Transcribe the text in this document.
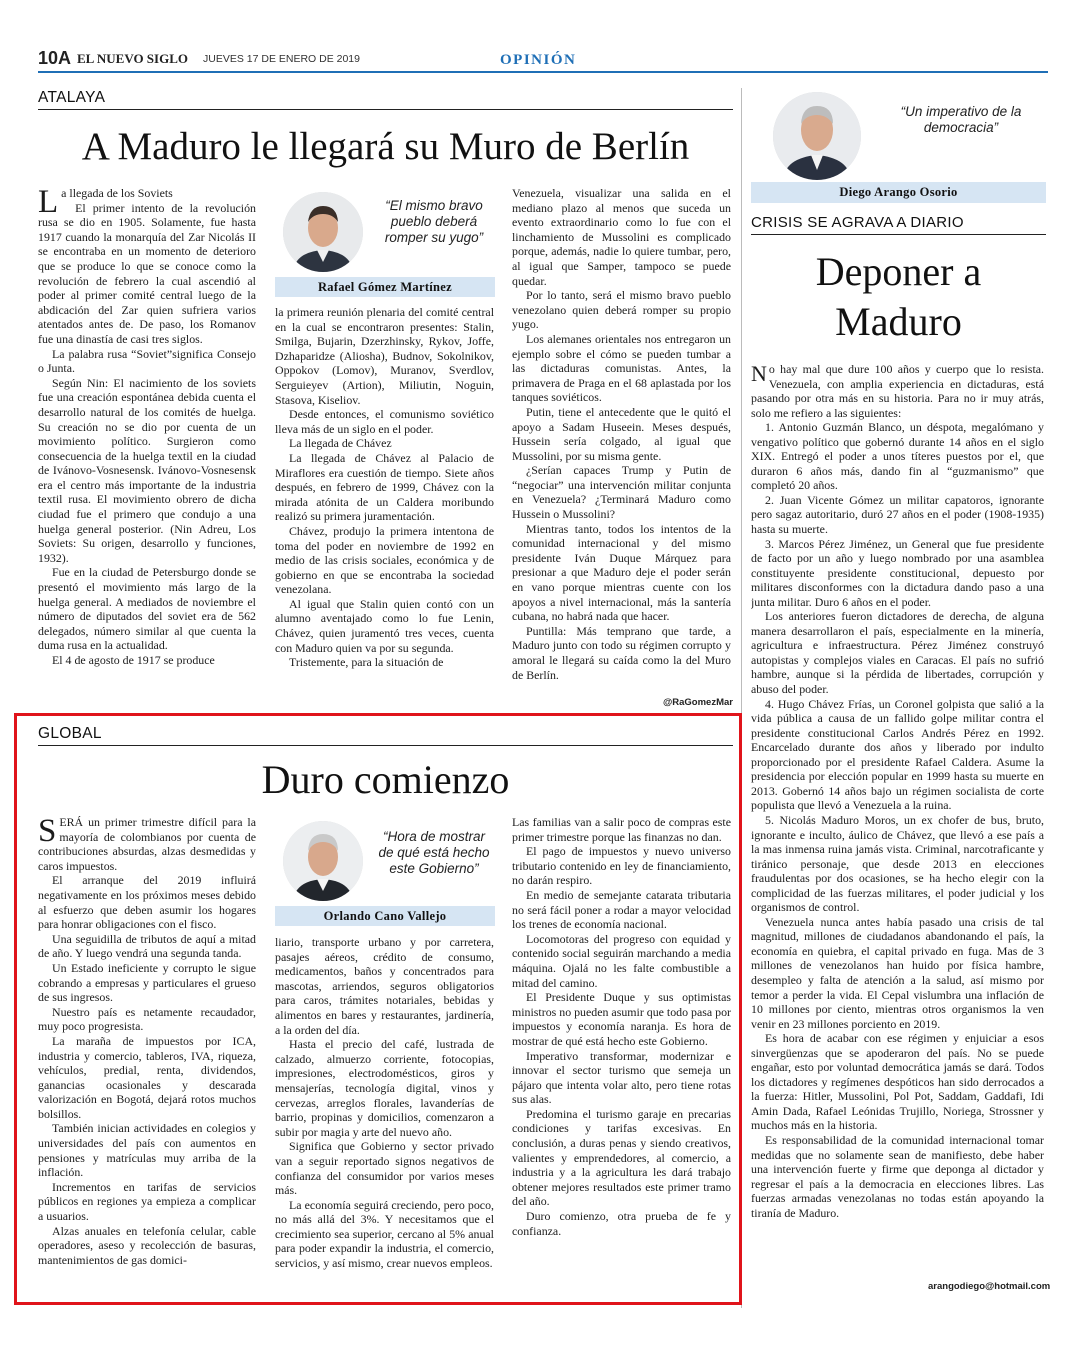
10A EL NUEVO SIGLO JUEVES 17 DE ENERO DE 2019	OPINIÓN
ATALAYA
A Maduro le llegará su Muro de Berlín
L a llegada de los Soviets

El primer intento de la revolución rusa se dio en 1905. Solamente, fue hasta 1917 cuando la monarquía del Zar Nicolás II se encontraba en un momento de deterioro que se produce lo que se conoce como la revolución de febrero la cual ascendió al poder al primer comité central luego de la abdicación del Zar quien sufriera varios atentados antes de. De paso, los Romanov fue una dinastía de casi tres siglos.

La palabra rusa “Soviet”significa Consejo o Junta.

Según Nin: El nacimiento de los soviets fue una creación espontánea debida cuenta el desarrollo natural de los comités de huelga. Su creación no se dio por cuenta de un movimiento político. Surgieron como consecuencia de la huelga textil en la ciudad de Ivánovo-Vosnesensk. Ivánovo-Vosnesensk era el centro más importante de la industria textil rusa. El movimiento obrero de dicha ciudad fue el primero que condujo a una huelga general posterior. (Nin Adreu, Los Soviets: Su origen, desarrollo y funciones, 1932).

Fue en la ciudad de Petersburgo donde se presentó el movimiento más largo de la huelga general. A mediados de noviembre el número de diputados del soviet era de 562 delegados, número similar al que cuenta la duma rusa en la actualidad.

El 4 de agosto de 1917 se produce

“El mismo bravo pueblo deberá romper su yugo”
Rafael Gómez Martínez

la primera reunión plenaria del comité central en la cual se encontraron presentes: Stalin, Smilga, Bujarin, Dzerzhinsky, Rykov, Joffe, Dzhaparidze (Aliosha), Budnov, Sokolnikov, Oppokov (Lomov), Muranov, Sverdlov, Serguieyev (Artion), Miliutin, Noguin, Stasova, Kiseliov.

Desde entonces, el comunismo soviético lleva más de un siglo en el poder.

La llegada de Chávez

La llegada de Chávez al Palacio de Miraflores era cuestión de tiempo. Siete años después, en febrero de 1999, Chávez con la mirada atónita de un Caldera moribundo realizó su primera juramentación.

Chávez, produjo la primera intentona de toma del poder en noviembre de 1992 en medio de las crisis sociales, económica y de gobierno en que se encontraba la sociedad venezolana.

Al igual que Stalin quien contó con un alumno aventajado como lo fue Lenin, Chávez, quien juramentó tres veces, cuenta con Maduro quien va por su segunda.

Tristemente, para la situación de

Venezuela, visualizar una salida en el mediano plazo al menos que suceda un evento extraordinario como lo fue con el linchamiento de Mussolini es complicado porque, además, nadie lo quiere tumbar, pero, al igual que Samper, tampoco se puede quedar.

Por lo tanto, será el mismo bravo pueblo venezolano quien deberá romper su propio yugo.

Los alemanes orientales nos entregaron un ejemplo sobre el cómo se pueden tumbar a las dictaduras comunistas. Antes, la primavera de Praga en el 68 aplastada por los tanques soviéticos.

Putin, tiene el antecedente que le quitó el apoyo a Sadam Huseein. Meses después, Hussein sería colgado, al igual que Mussolini, por su misma gente.

¿Serían capaces Trump y Putin de “negociar” una intervención militar conjunta en Venezuela? ¿Terminará Maduro como Hussein o Mussolini?

Mientras tanto, todos los intentos de la comunidad internacional y del mismo presidente Iván Duque Márquez para presionar a que Maduro deje el poder serán en vano porque mientras cuente con los apoyos a nivel internacional, más la santería cubana, no habrá nada que hacer.

Puntilla: Más temprano que tarde, a Maduro junto con todo su régimen corrupto y amoral le llegará su caída como la del Muro de Berlín.

@RaGomezMar
GLOBAL
Duro comienzo
S ERÁ un primer trimestre difícil para la mayoría de colombianos por cuenta de contribuciones absurdas, alzas desmedidas y caros impuestos.

El arranque del 2019 influirá negativamente en los próximos meses debido al esfuerzo que deben asumir los hogares para honrar obligaciones con el fisco.

Una seguidilla de tributos de aquí a mitad de año. Y luego vendrá una segunda tanda.

Un Estado ineficiente y corrupto le sigue cobrando a empresas y particulares el grueso de sus ingresos.

Nuestro país es netamente recaudador, muy poco progresista.

La maraña de impuestos por ICA, industria y comercio, tableros, IVA, riqueza, vehículos, predial, renta, dividendos, ganancias ocasionales y descarada valorización en Bogotá, dejará rotos muchos bolsillos.

También inician actividades en colegios y universidades del país con aumentos en pensiones y matrículas muy arriba de la inflación.

Incrementos en tarifas de servicios públicos en regiones ya empieza a complicar a usuarios.

Alzas anuales en telefonía celular, cable operadores, aseso y recolección de basuras, mantenimientos de gas domici-

“Hora de mostrar de qué está hecho este Gobierno”
Orlando Cano Vallejo

liario, transporte urbano y por carretera, pasajes aéreos, crédito de consumo, medicamentos, baños y concentrados para mascotas, arriendos, seguros obligatorios para caros, trámites notariales, bebidas y alimentos en bares y restaurantes, jardinería, a la orden del día.

Hasta el precio del café, lustrada de calzado, almuerzo corriente, fotocopias, impresiones, electrodomésticos, giros y mensajerías, tecnología digital, vinos y cervezas, arreglos florales, lavanderías de barrio, propinas y domicilios, comenzaron a subir por magia y arte del nuevo año.

Significa que Gobierno y sector privado van a seguir reportado signos negativos de confianza del consumidor por varios meses más.

La economía seguirá creciendo, pero poco, no más allá del 3%. Y necesitamos que el crecimiento sea superior, cercano al 5% anual para poder expandir la industria, el comercio, servicios, y así mismo, crear nuevos empleos.

Las familias van a salir poco de compras este primer trimestre porque las finanzas no dan.

El pago de impuestos y nuevo universo tributario contenido en ley de financiamiento, no darán respiro.

En medio de semejante catarata tributaria no será fácil poner a rodar a mayor velocidad los trenes de economía nacional.

Locomotoras del progreso con equidad y contenido social seguirán marchando a media máquina. Ojalá no les falte combustible a mitad del camino.

El Presidente Duque y sus optimistas ministros no pueden asumir que todo pasa por impuestos y economía naranja. Es hora de mostrar de qué está hecho este Gobierno.

Imperativo transformar, modernizar e innovar el sector turismo que semeja un pájaro que intenta volar alto, pero tiene rotas sus alas.

Predomina el turismo garaje en precarias condiciones y tarifas excesivas. En conclusión, a duras penas y siendo creativos, valientes y emprendedores, al comercio, a industria y a la agricultura les dará trabajo obtener mejores resultados este primer tramo del año.

Duro comienzo, otra prueba de fe y confianza.

“Un imperativo de la democracia”
Diego Arango Osorio
CRISIS SE AGRAVA A DIARIO
Deponer a
Maduro
N o hay mal que dure 100 años y cuerpo que lo resista. Venezuela, con amplia experiencia en dictaduras, está pasando por otra más en su historia. Para no ir muy atrás, solo me refiero a las siguientes:

1. Antonio Guzmán Blanco, un déspota, megalómano y vengativo político que gobernó durante 14 años en el siglo XIX. Entregó el poder a unos títeres puestos por el, que duraron 6 años más, dando fin al “guzmanismo” que completó 20 años.

2. Juan Vicente Gómez un militar capatoros, ignorante pero sagaz autoritario, duró 27 años en el poder (1908-1935) hasta su muerte.

3. Marcos Pérez Jiménez, un General que fue presidente de facto por un año y luego nombrado por una asamblea constituyente presidente constitucional, depuesto por militares disconformes con la dictadura dando paso a una junta militar. Duro 6 años en el poder.

Los anteriores fueron dictadores de derecha, de alguna manera desarrollaron el país, especialmente en la minería, agricultura e infraestructura. Pérez Jiménez construyó autopistas y complejos viales en Caracas. El país no sufrió hambre, aunque si la pérdida de libertades, corrupción y abuso del poder.

4. Hugo Chávez Frías, un Coronel golpista que salió a la vida pública a causa de un fallido golpe militar contra el presidente constitucional Carlos Andrés Pérez en 1992. Encarcelado durante dos años y liberado por indulto proporcionado por el presidente Rafael Caldera. Asume la presidencia por elección popular en 1999 hasta su muerte en 2013. Gobernó 14 años bajo un régimen socialista de corte populista que llevó a Venezuela a la ruina.

5. Nicolás Maduro Moros, un ex chofer de bus, bruto, ignorante e inculto, áulico de Chávez, que llevó a ese país a la mas inmensa ruina jamás vista. Criminal, narcotraficante y tiránico personaje, que desde 2013 en elecciones fraudulentas por dos ocasiones, se ha hecho elegir con la complicidad de las fuerzas militares, el poder judicial y los organismos de control.

Venezuela nunca antes había pasado una crisis de tal magnitud, millones de ciudadanos abandonando el país, la economía en quiebra, el capital privado en fuga. Mas de 3 millones de venezolanos han huido por física hambre, desempleo y falta de atención a la salud, así mismo por temor a perder la vida. El Cepal vislumbra una inflación de 10 millones por ciento, mientras otros organismos la ven venir en 23 millones porciento en 2019.

Es hora de acabar con ese régimen y enjuiciar a esos sinvergüenzas que se apoderaron del país. No se puede engañar, esto por voluntad democrática jamás se dará. Todos los dictadores y regímenes despóticos han sido derrocados a la fuerza: Hitler, Mussolini, Pol Pot, Saddam, Gaddafi, Idi Amin Dada, Rafael Leónidas Trujillo, Noriega, Strossner y muchos más en la historia.

Es responsabilidad de la comunidad internacional tomar medidas que no solamente sean de manifiesto, debe haber una intervención fuerte y firme que deponga al dictador y regresar el país a la democracia en elecciones libres. Las fuerzas armadas venezolanas no todas están apoyando la tiranía de Maduro.

arangodiego@hotmail.com
